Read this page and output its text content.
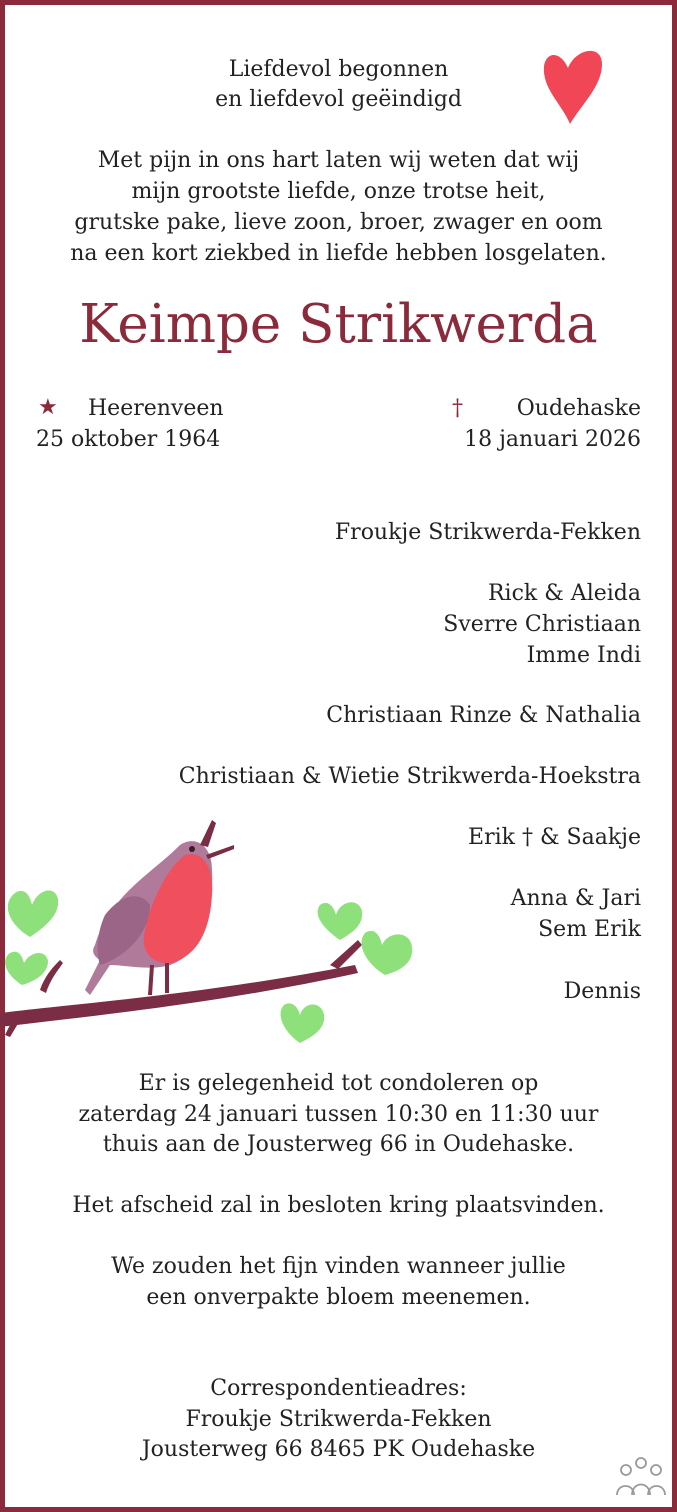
Liefdevol begonnen
en liefdevol geëindigd
Met pijn in ons hart laten wij weten dat wij
mijn grootste liefde, onze trotse heit,
grutske pake, lieve zoon, broer, zwager en oom
na een kort ziekbed in liefde hebben losgelaten.
Keimpe Strikwerda
★ Heerenveen
25 oktober 1964
† Oudehaske
18 januari 2026
Froukje Strikwerda-Fekken
Rick & Aleida
Sverre Christiaan
Imme Indi
Christiaan Rinze & Nathalia
Christiaan & Wietie Strikwerda-Hoekstra
Erik † & Saakje
Anna & Jari
Sem Erik
Dennis
Er is gelegenheid tot condoleren op
zaterdag 24 januari tussen 10:30 en 11:30 uur
thuis aan de Jousterweg 66 in Oudehaske.
Het afscheid zal in besloten kring plaatsvinden.
We zouden het fijn vinden wanneer jullie
een onverpakte bloem meenemen.
Correspondentieadres:
Froukje Strikwerda-Fekken
Jousterweg 66 8465 PK Oudehaske
